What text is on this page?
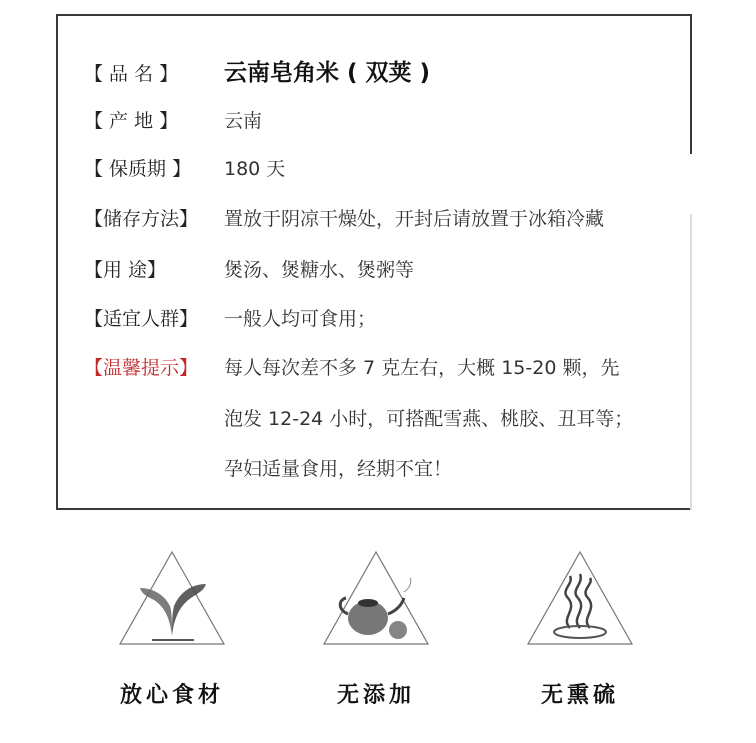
【 品 名 】	云南皂角米 ( 双荚 )
【 产 地 】	云南
【 保质期 】	180 天
【储存方法】	置放于阴凉干燥处，开封后请放置于冰箱冷藏
【用 途】	煲汤、煲糖水、煲粥等
【适宜人群】	一般人均可食用；
【温馨提示】	每人每次差不多 7 克左右，大概 15-20 颗，先
泡发 12-24 小时，可搭配雪燕、桃胶、丑耳等；
孕妇适量食用，经期不宜！
放心食材	无添加	无熏硫
